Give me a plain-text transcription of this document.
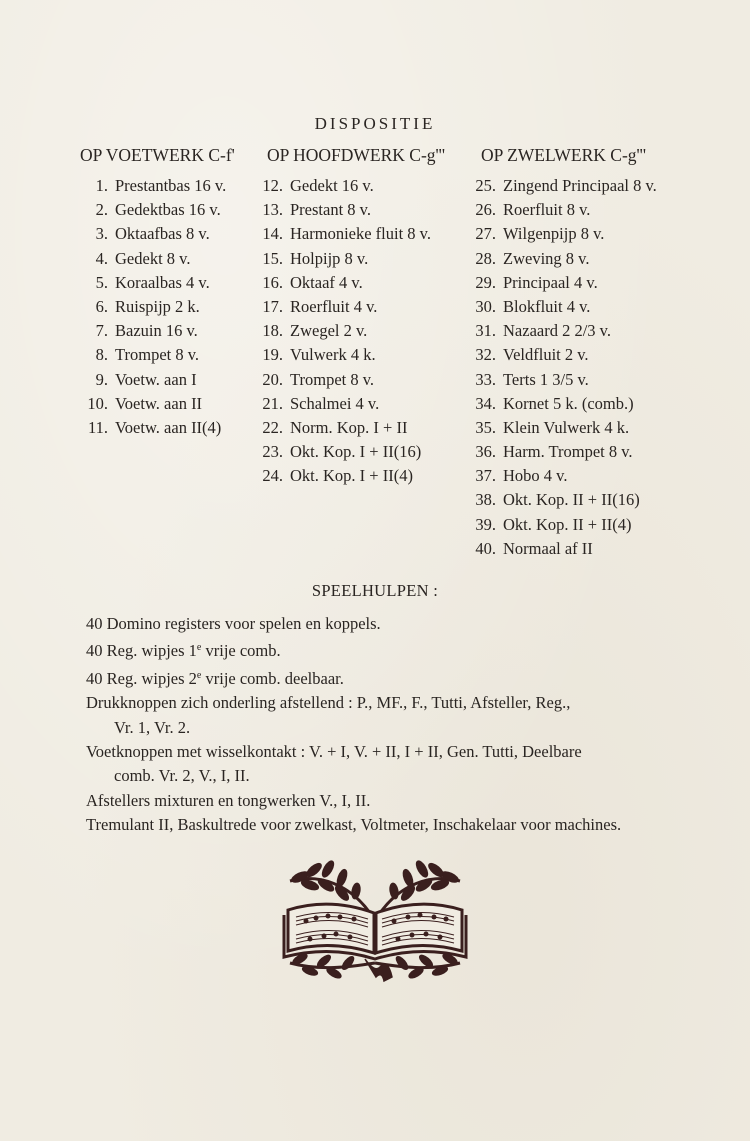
DISPOSITIE
OP VOETWERK C-f' OP HOOFDWERK C-g''' OP ZWELWERK C-g'''
1. Prestantbas 16 v.
2. Gedektbas 16 v.
3. Oktaafbas 8 v.
4. Gedekt 8 v.
5. Koraalbas 4 v.
6. Ruispijp 2 k.
7. Bazuin 16 v.
8. Trompet 8 v.
9. Voetw. aan I
10. Voetw. aan II
11. Voetw. aan II(4)
12. Gedekt 16 v.
13. Prestant 8 v.
14. Harmonieke fluit 8 v.
15. Holpijp 8 v.
16. Oktaaf 4 v.
17. Roerfluit 4 v.
18. Zwegel 2 v.
19. Vulwerk 4 k.
20. Trompet 8 v.
21. Schalmei 4 v.
22. Norm. Kop. I + II
23. Okt. Kop. I + II(16)
24. Okt. Kop. I + II(4)
25. Zingend Principaal 8 v.
26. Roerfluit 8 v.
27. Wilgenpijp 8 v.
28. Zweving 8 v.
29. Principaal 4 v.
30. Blokfluit 4 v.
31. Nazaard 2 2/3 v.
32. Veldfluit 2 v.
33. Terts 1 3/5 v.
34. Kornet 5 k. (comb.)
35. Klein Vulwerk 4 k.
36. Harm. Trompet 8 v.
37. Hobo 4 v.
38. Okt. Kop. II + II(16)
39. Okt. Kop. II + II(4)
40. Normaal af II
SPEELHULPEN :
40 Domino registers voor spelen en koppels.
40 Reg. wipjes 1e vrije comb.
40 Reg. wipjes 2e vrije comb. deelbaar.
Drukknoppen zich onderling afstellend : P., MF., F., Tutti, Afsteller, Reg.,
Vr. 1, Vr. 2.
Voetknoppen met wisselkontakt : V. + I, V. + II, I + II, Gen. Tutti, Deelbare
comb. Vr. 2, V., I, II.
Afstellers mixturen en tongwerken V., I, II.
Tremulant II, Baskultrede voor zwelkast, Voltmeter, Inschakelaar voor machines.
